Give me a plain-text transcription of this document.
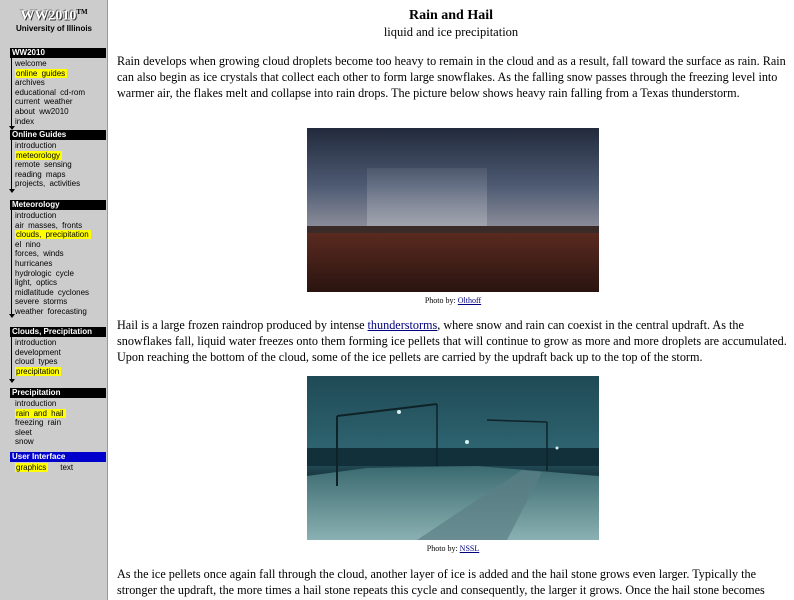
WW2010™
University of Illinois
WW2010
welcome
online guides
archives
educational cd-rom
current weather
about ww2010
index
Online Guides
introduction
meteorology
remote sensing
reading maps
projects, activities
Meteorology
introduction
air masses, fronts
clouds, precipitation
el nino
forces, winds
hurricanes
hydrologic cycle
light, optics
midlatitude cyclones
severe storms
weather forecasting
Clouds, Precipitation
introduction
development
cloud types
precipitation
Precipitation
introduction
rain and hail
freezing rain
sleet
snow
User Interface
graphics text
Rain and Hail
liquid and ice precipitation

Rain develops when growing cloud droplets become too heavy to remain in the cloud and as a result, fall toward the surface as rain. Rain can also begin as ice crystals that collect each other to form large snowflakes. As the falling snow passes through the freezing level into warmer air, the flakes melt and collapse into rain drops. The picture below shows heavy rain falling from a Texas thunderstorm.

Photo by: Olthoff

Hail is a large frozen raindrop produced by intense thunderstorms, where snow and rain can coexist in the central updraft. As the snowflakes fall, liquid water freezes onto them forming ice pellets that will continue to grow as more and more droplets are accumulated. Upon reaching the bottom of the cloud, some of the ice pellets are carried by the updraft back up to the top of the storm.

Photo by: NSSL

As the ice pellets once again fall through the cloud, another layer of ice is added and the hail stone grows even larger. Typically the stronger the updraft, the more times a hail stone repeats this cycle and consequently, the larger it grows. Once the hail stone becomes
